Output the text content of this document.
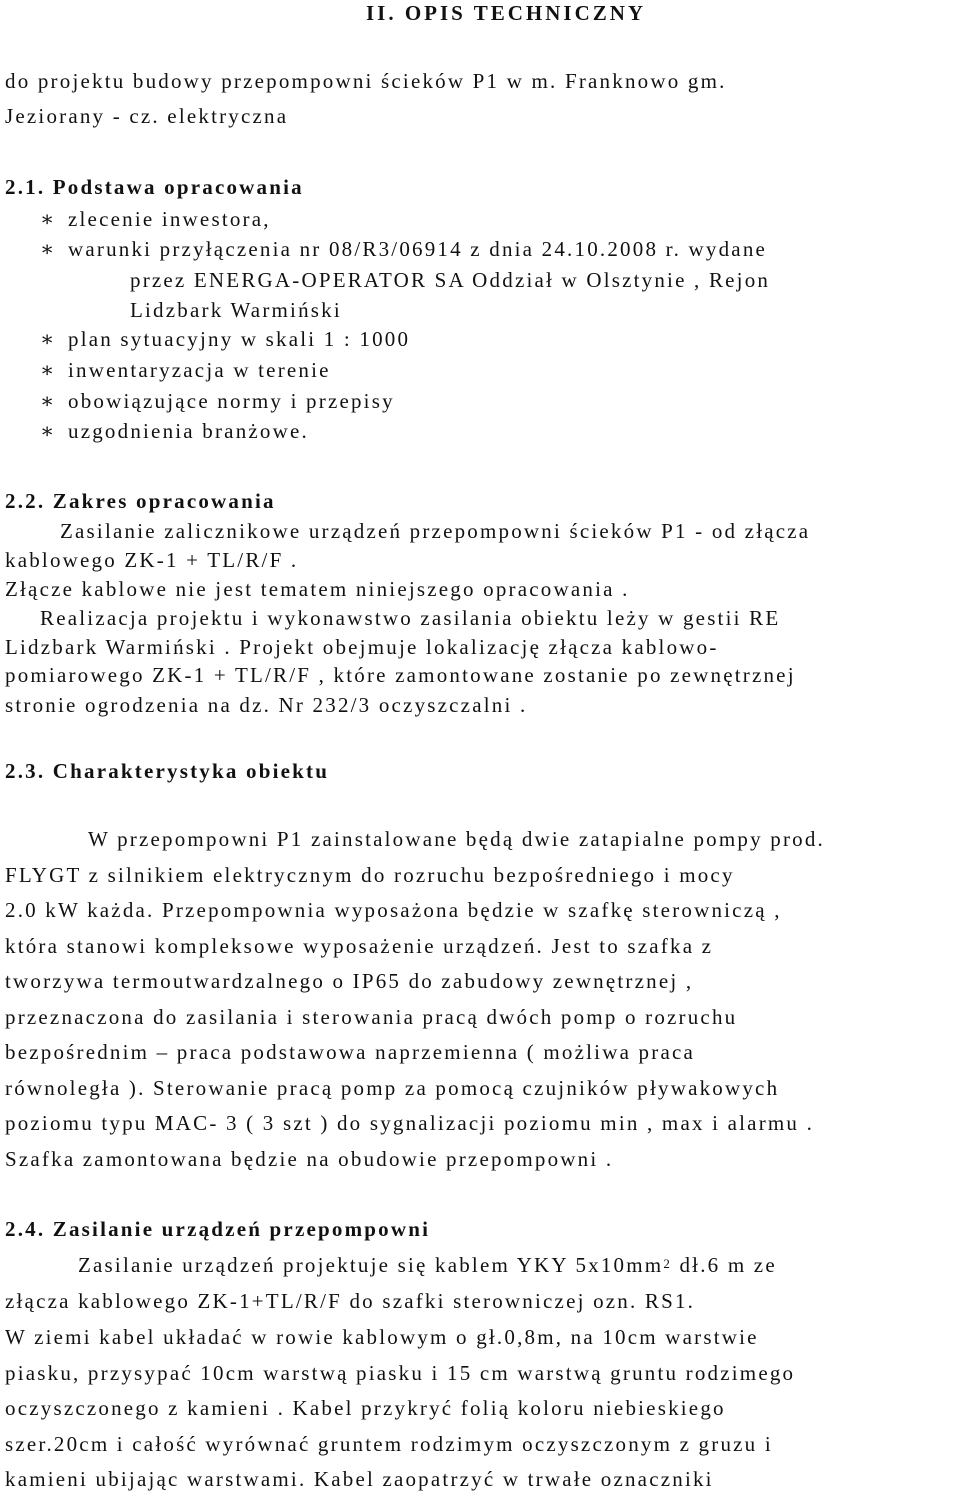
II. OPIS TECHNICZNY
do projektu budowy przepompowni ścieków P1 w m. Franknowo gm.
Jeziorany - cz. elektryczna
2.1. Podstawa opracowania
∗ zlecenie inwestora,
∗ warunki przyłączenia nr 08/R3/06914 z dnia 24.10.2008 r. wydane
przez ENERGA-OPERATOR SA Oddział w Olsztynie , Rejon
Lidzbark Warmiński
∗ plan sytuacyjny w skali 1 : 1000
∗ inwentaryzacja w terenie
∗ obowiązujące normy i przepisy
∗ uzgodnienia branżowe.
2.2. Zakres opracowania
Zasilanie zalicznikowe urządzeń przepompowni ścieków P1 - od złącza
kablowego ZK-1 + TL/R/F .
Złącze kablowe nie jest tematem niniejszego opracowania .
Realizacja projektu i wykonawstwo zasilania obiektu leży w gestii RE
Lidzbark Warmiński . Projekt obejmuje lokalizację złącza kablowo-
pomiarowego ZK-1 + TL/R/F , które zamontowane zostanie po zewnętrznej
stronie ogrodzenia na dz. Nr 232/3 oczyszczalni .
2.3. Charakterystyka obiektu
W przepompowni P1 zainstalowane będą dwie zatapialne pompy prod.
FLYGT z silnikiem elektrycznym do rozruchu bezpośredniego i mocy
2.0 kW każda. Przepompownia wyposażona będzie w szafkę sterowniczą ,
która stanowi kompleksowe wyposażenie urządzeń. Jest to szafka z
tworzywa termoutwardzalnego o IP65 do zabudowy zewnętrznej ,
przeznaczona do zasilania i sterowania pracą dwóch pomp o rozruchu
bezpośrednim – praca podstawowa naprzemienna ( możliwa praca
równoległa ). Sterowanie pracą pomp za pomocą czujników pływakowych
poziomu typu MAC- 3 ( 3 szt ) do sygnalizacji poziomu min , max i alarmu .
Szafka zamontowana będzie na obudowie przepompowni .
2.4. Zasilanie urządzeń przepompowni
Zasilanie urządzeń projektuje się kablem YKY $5x10mm^2$ dł.6 m ze
złącza kablowego ZK-1+TL/R/F do szafki sterowniczej ozn. RS1.
W ziemi kabel układać w rowie kablowym o gł.0,8m, na 10cm warstwie
piasku, przysypać 10cm warstwą piasku i 15 cm warstwą gruntu rodzimego
oczyszczonego z kamieni . Kabel przykryć folią koloru niebieskiego
szer.20cm i całość wyrównać gruntem rodzimym oczyszczonym z gruzu i
kamieni ubijając warstwami. Kabel zaopatrzyć w trwałe oznaczniki
